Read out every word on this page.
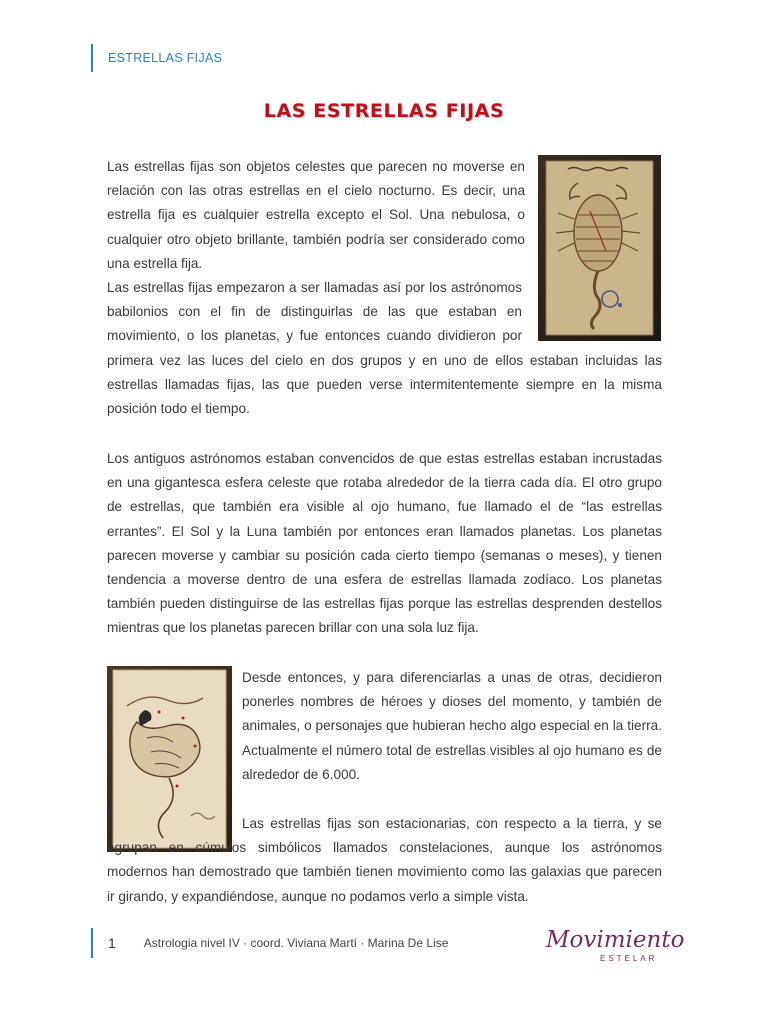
ESTRELLAS FIJAS
LAS ESTRELLAS FIJAS

Las estrellas fijas son objetos celestes que parecen no moverse en relación con las otras estrellas en el cielo nocturno. Es decir, una estrella fija es cualquier estrella excepto el Sol. Una nebulosa, o cualquier otro objeto brillante, también podría ser considerado como una estrella fija.

Las estrellas fijas empezaron a ser llamadas así por los astrónomos babilonios con el fin de distinguirlas de las que estaban en movimiento, o los planetas, y fue entonces cuando dividieron por primera vez las luces del cielo en dos grupos y en uno de ellos estaban incluidas las estrellas llamadas fijas, las que pueden verse intermitentemente siempre en la misma posición todo el tiempo.

Los antiguos astrónomos estaban convencidos de que estas estrellas estaban incrustadas en una gigantesca esfera celeste que rotaba alrededor de la tierra cada día. El otro grupo de estrellas, que también era visible al ojo humano, fue llamado el de “las estrellas errantes”. El Sol y la Luna también por entonces eran llamados planetas. Los planetas parecen moverse y cambiar su posición cada cierto tiempo (semanas o meses), y tienen tendencia a moverse dentro de una esfera de estrellas llamada zodíaco. Los planetas también pueden distinguirse de las estrellas fijas porque las estrellas desprenden destellos mientras que los planetas parecen brillar con una sola luz fija.

Desde entonces, y para diferenciarlas a unas de otras, decidieron ponerles nombres de héroes y dioses del momento, y también de animales, o personajes que hubieran hecho algo especial en la tierra. Actualmente el número total de estrellas visibles al ojo humano es de alrededor de 6.000.

Las estrellas fijas son estacionarias, con respecto a la tierra, y se agrupan en cúmulos simbólicos llamados constelaciones, aunque los astrónomos modernos han demostrado que también tienen movimiento como las galaxias que parecen ir girando, y expandiéndose, aunque no podamos verlo a simple vista.

1 Astrologia nivel IV · coord. Viviana Martí · Marina De Lise	Movimiento
ESTELAR
